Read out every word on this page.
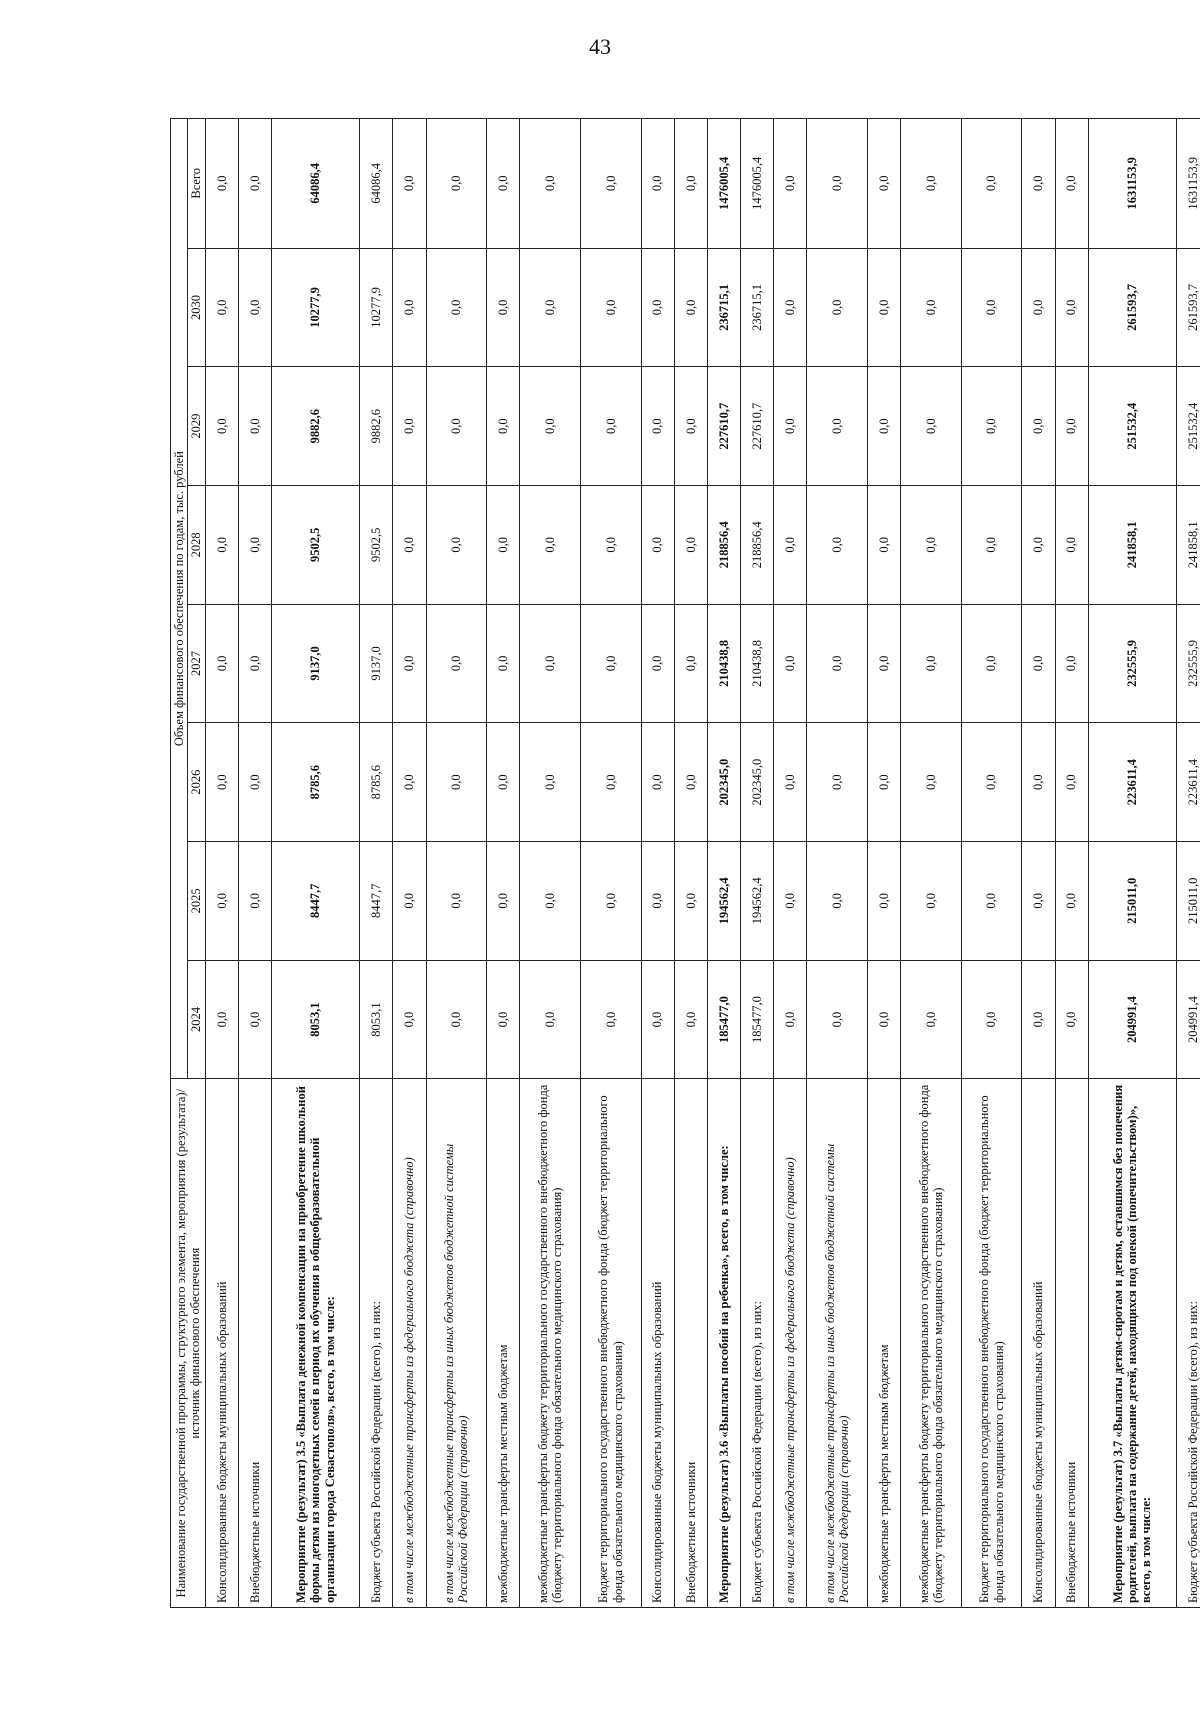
43
Наименование государственной программы, структурного элемента, мероприятия (результата)/источник финансового обеспечения	Объем финансового обеспечения по годам, тыс. рублей							
	2024	2025	2026	2027	2028	2029	2030	Всего
Консолидированные бюджеты муниципальных образований	0,0	0,0	0,0	0,0	0,0	0,0	0,0	0,0
Внебюджетные источники	0,0	0,0	0,0	0,0	0,0	0,0	0,0	0,0
Мероприятие (результат) 3.5 «Выплата денежной компенсации на приобретение школьной формы детям из многодетных семей в период их обучения в общеобразовательной организации города Севастополя», всего, в том числе:	8053,1	8447,7	8785,6	9137,0	9502,5	9882,6	10277,9	64086,4
Бюджет субъекта Российской Федерации (всего), из них:	8053,1	8447,7	8785,6	9137,0	9502,5	9882,6	10277,9	64086,4
в том числе межбюджетные трансферты из федерального бюджета (справочно)	0,0	0,0	0,0	0,0	0,0	0,0	0,0	0,0
в том числе межбюджетные трансферты из иных бюджетов бюджетной системы Российской Федерации (справочно)	0,0	0,0	0,0	0,0	0,0	0,0	0,0	0,0
межбюджетные трансферты местным бюджетам	0,0	0,0	0,0	0,0	0,0	0,0	0,0	0,0
межбюджетные трансферты бюджету территориального государственного внебюджетного фонда (бюджету территориального фонда обязательного медицинского страхования)	0,0	0,0	0,0	0,0	0,0	0,0	0,0	0,0
Бюджет территориального государственного внебюджетного фонда (бюджет территориального фонда обязательного медицинского страхования)	0,0	0,0	0,0	0,0	0,0	0,0	0,0	0,0
Консолидированные бюджеты муниципальных образований	0,0	0,0	0,0	0,0	0,0	0,0	0,0	0,0
Внебюджетные источники	0,0	0,0	0,0	0,0	0,0	0,0	0,0	0,0
Мероприятие (результат) 3.6 «Выплаты пособий на ребенка», всего, в том числе:	185477,0	194562,4	202345,0	210438,8	218856,4	227610,7	236715,1	1476005,4
Бюджет субъекта Российской Федерации (всего), из них:	185477,0	194562,4	202345,0	210438,8	218856,4	227610,7	236715,1	1476005,4
в том числе межбюджетные трансферты из федерального бюджета (справочно)	0,0	0,0	0,0	0,0	0,0	0,0	0,0	0,0
в том числе межбюджетные трансферты из иных бюджетов бюджетной системы Российской Федерации (справочно)	0,0	0,0	0,0	0,0	0,0	0,0	0,0	0,0
межбюджетные трансферты местным бюджетам	0,0	0,0	0,0	0,0	0,0	0,0	0,0	0,0
межбюджетные трансферты бюджету территориального государственного внебюджетного фонда (бюджету территориального фонда обязательного медицинского страхования)	0,0	0,0	0,0	0,0	0,0	0,0	0,0	0,0
Бюджет территориального государственного внебюджетного фонда (бюджет территориального фонда обязательного медицинского страхования)	0,0	0,0	0,0	0,0	0,0	0,0	0,0	0,0
Консолидированные бюджеты муниципальных образований	0,0	0,0	0,0	0,0	0,0	0,0	0,0	0,0
Внебюджетные источники	0,0	0,0	0,0	0,0	0,0	0,0	0,0	0,0
Мероприятие (результат) 3.7 «Выплаты детям-сиротам и детям, оставшимся без попечения родителей, выплата на содержание детей, находящихся под опекой (попечительством)», всего, в том числе:	204991,4	215011,0	223611,4	232555,9	241858,1	251532,4	261593,7	1631153,9
Бюджет субъекта Российской Федерации (всего), из них:	204991,4	215011,0	223611,4	232555,9	241858,1	251532,4	261593,7	1631153,9
